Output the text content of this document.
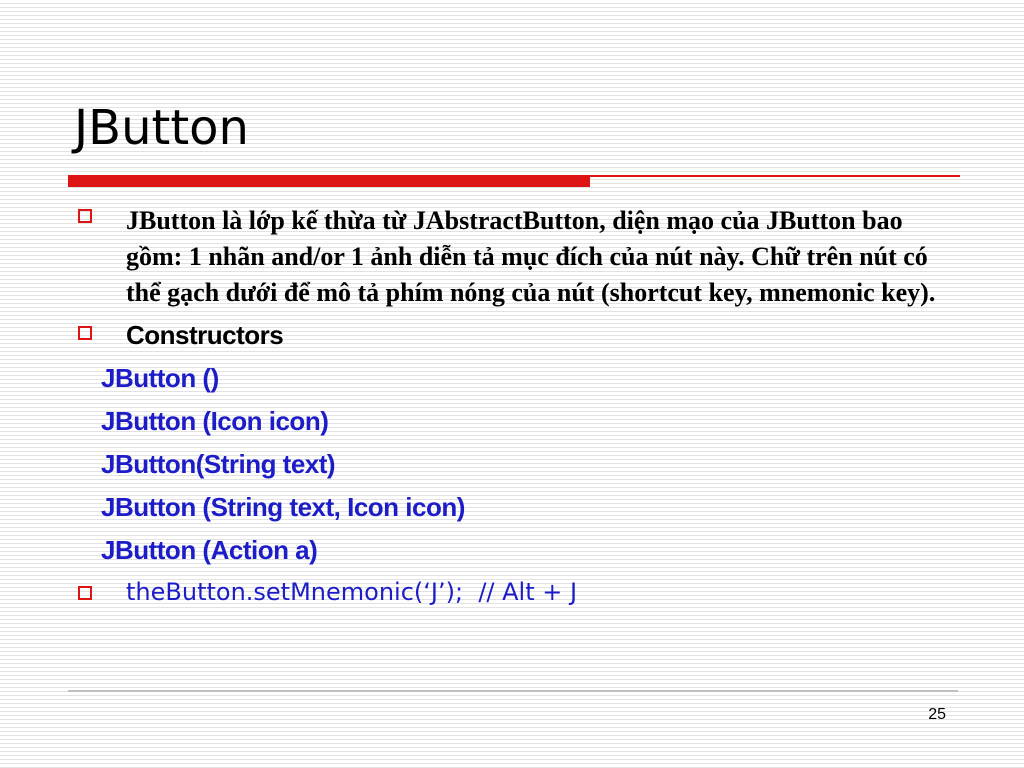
JButton

JButton là lớp kế thừa từ JAbstractButton, diện mạo của JButton bao gồm: 1 nhãn and/or 1 ảnh diễn tả mục đích của nút này. Chữ trên nút có thể gạch dưới để mô tả phím nóng của nút (shortcut key, mnemonic key).

Constructors
JButton ()
JButton (Icon icon)
JButton(String text)
JButton (String text, Icon icon)
JButton (Action a)
theButton.setMnemonic(‘J’);  // Alt + J
25
